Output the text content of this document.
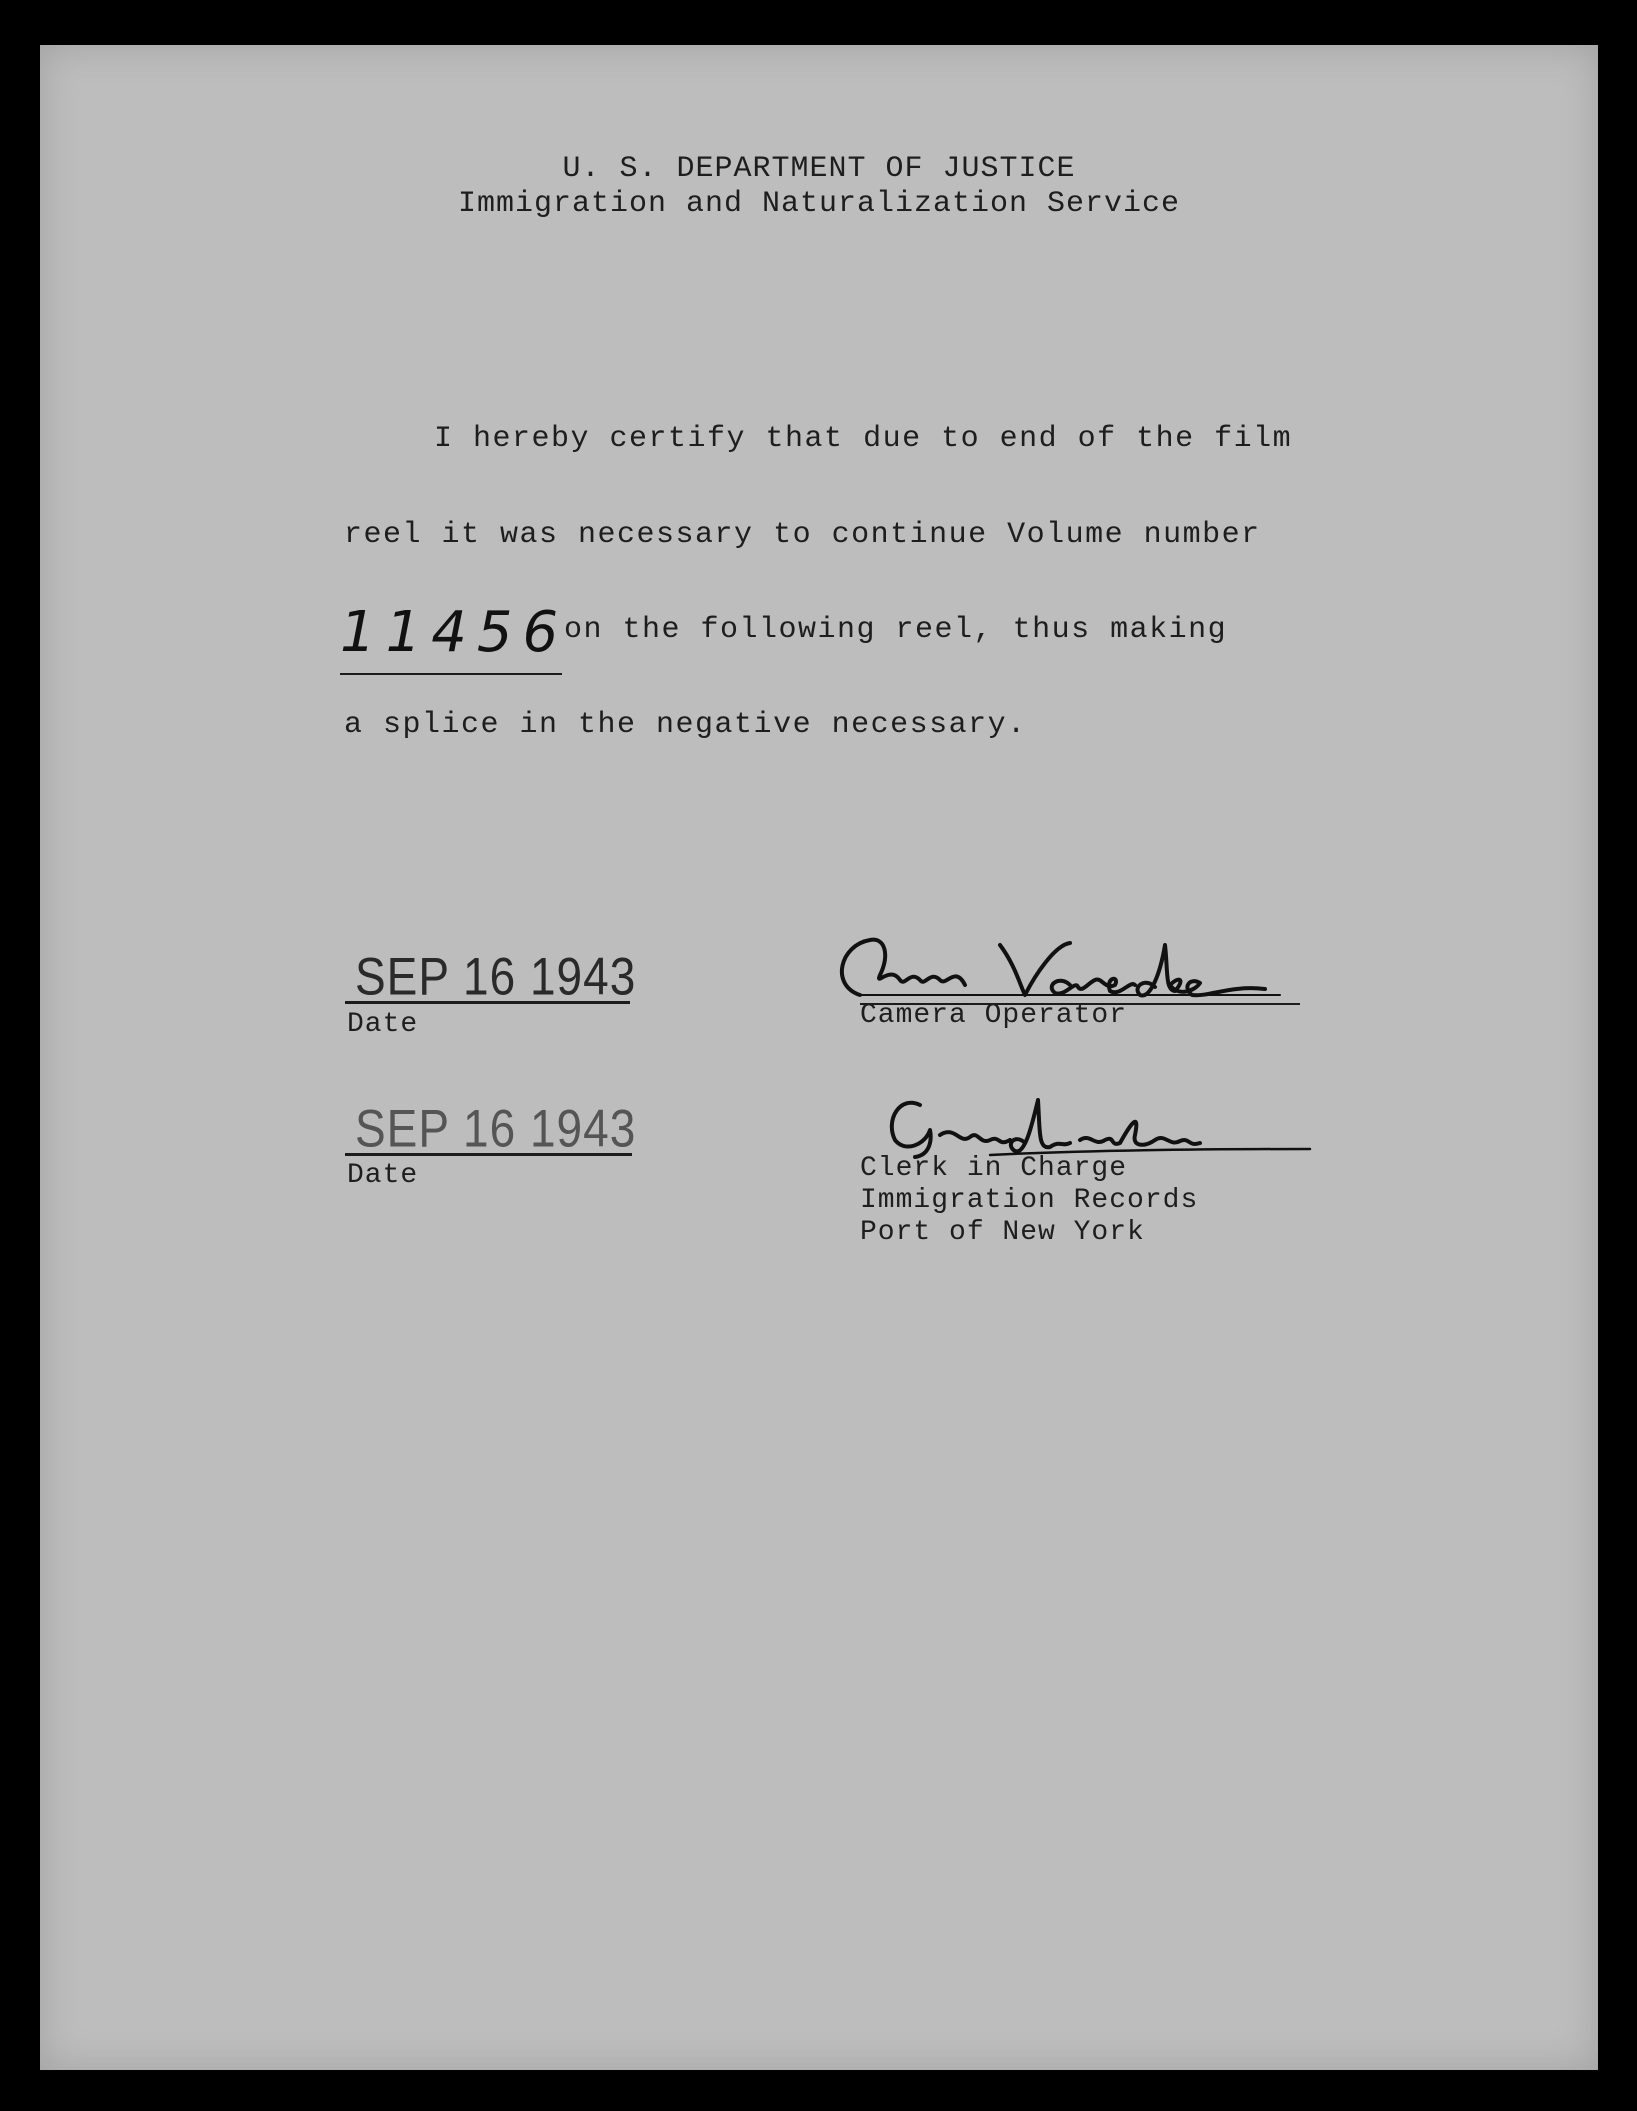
U. S. DEPARTMENT OF JUSTICE
Immigration and Naturalization Service
I hereby certify that due to end of the film
reel it was necessary to continue Volume number
11456
on the following reel, thus making
a splice in the negative necessary.
SEP 16 1943
Date	Camera Operator
SEP 16 1943
Date	Clerk in Charge
Immigration Records
Port of New York
